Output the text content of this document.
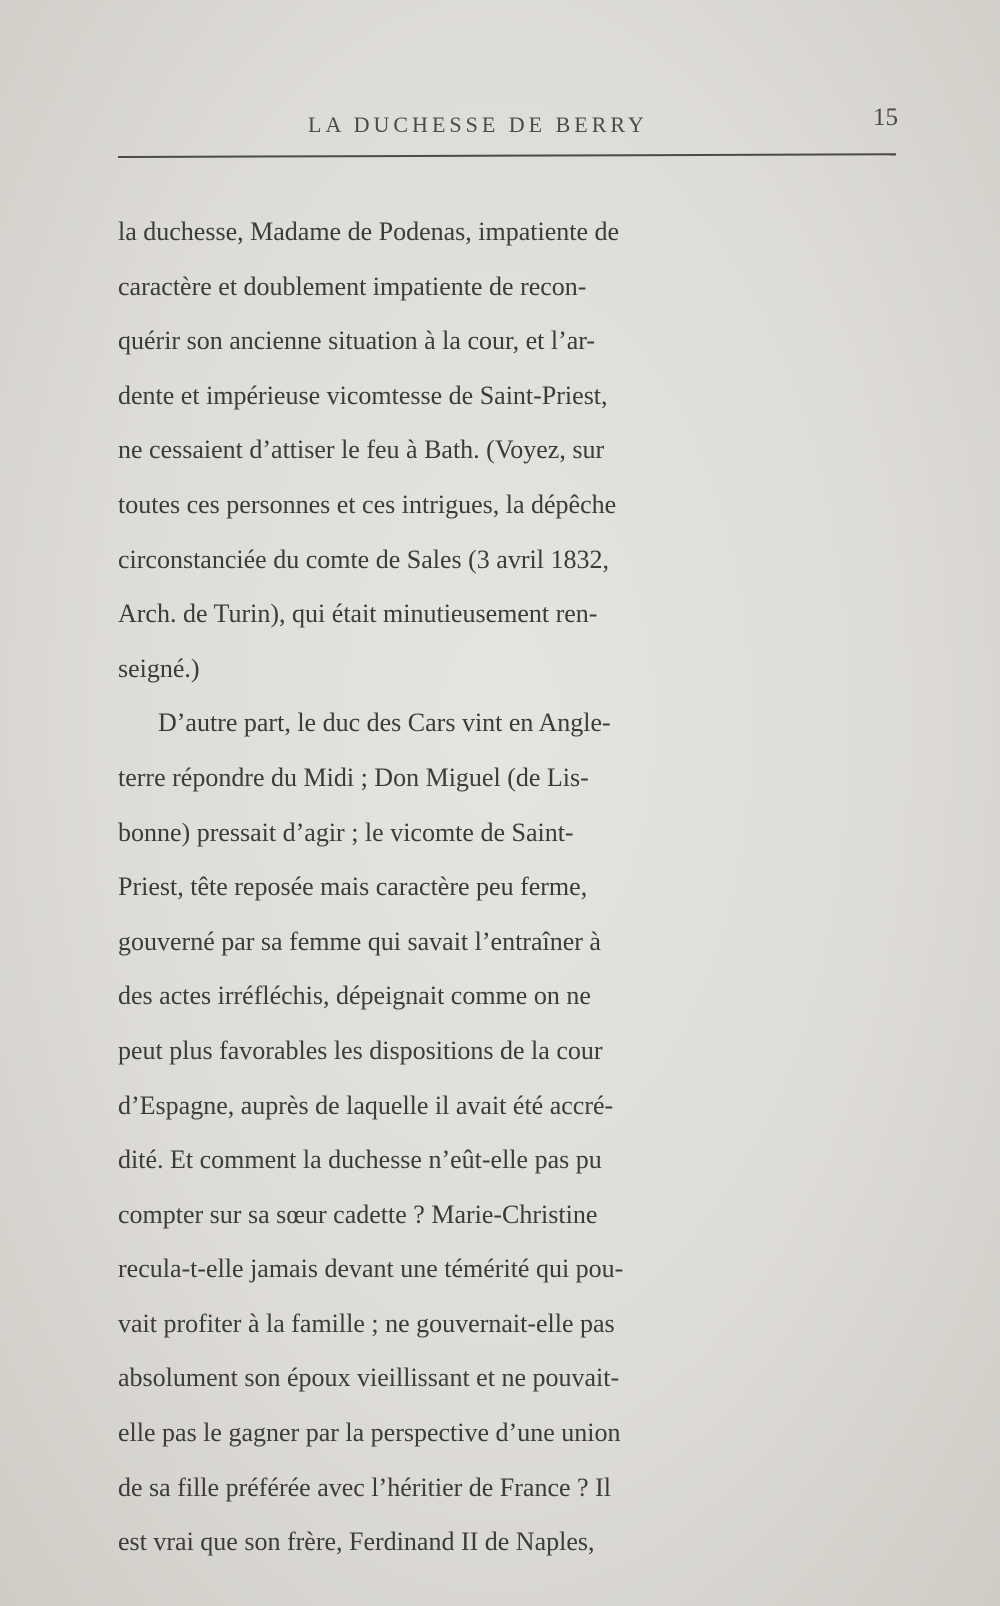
LA DUCHESSE DE BERRY	15
la duchesse, Madame de Podenas, impatiente de
caractère et doublement impatiente de recon-
quérir son ancienne situation à la cour, et l’ar-
dente et impérieuse vicomtesse de Saint-Priest,
ne cessaient d’attiser le feu à Bath. (Voyez, sur
toutes ces personnes et ces intrigues, la dépêche
circonstanciée du comte de Sales (3 avril 1832,
Arch. de Turin), qui était minutieusement ren-
seigné.)
D’autre part, le duc des Cars vint en Angle-
terre répondre du Midi ; Don Miguel (de Lis-
bonne) pressait d’agir ; le vicomte de Saint-
Priest, tête reposée mais caractère peu ferme,
gouverné par sa femme qui savait l’entraîner à
des actes irréfléchis, dépeignait comme on ne
peut plus favorables les dispositions de la cour
d’Espagne, auprès de laquelle il avait été accré-
dité. Et comment la duchesse n’eût-elle pas pu
compter sur sa sœur cadette ? Marie-Christine
recula-t-elle jamais devant une témérité qui pou-
vait profiter à la famille ; ne gouvernait-elle pas
absolument son époux vieillissant et ne pouvait-
elle pas le gagner par la perspective d’une union
de sa fille préférée avec l’héritier de France ? Il
est vrai que son frère, Ferdinand II de Naples,
